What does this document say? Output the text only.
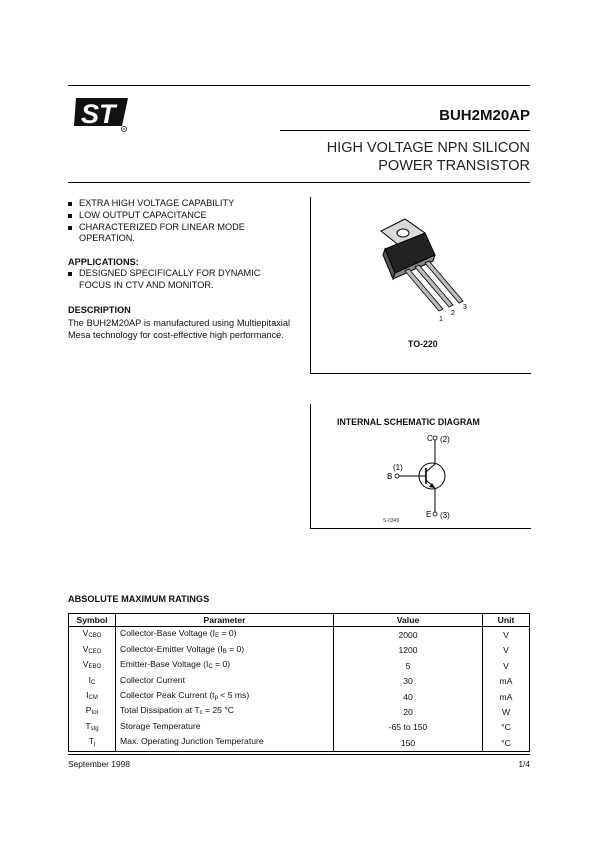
ST
R
BUH2M20AP
HIGH VOLTAGE NPN SILICON
POWER TRANSISTOR
EXTRA HIGH VOLTAGE CAPABILITY
LOW OUTPUT CAPACITANCE
CHARACTERIZED FOR LINEAR MODE OPERATION.
APPLICATIONS:
DESIGNED SPECIFICALLY FOR DYNAMIC FOCUS IN CTV AND MONITOR.
DESCRIPTION
The BUH2M20AP is manufactured using Multiepitaxial Mesa technology for cost-effective high performance.
1
2
3
TO-220
INTERNAL SCHEMATIC DIAGRAM
C (2)
B
(1)
E (3)
S-0349
ABSOLUTE MAXIMUM RATINGS
Symbol	Parameter	Value	Unit
$V_{CBO}$	Collector-Base Voltage $(I_E = 0)$	2000	V
$V_{CEO}$	Collector-Emitter Voltage $(I_B = 0)$	1200	V
$V_{EBO}$	Emitter-Base Voltage $(I_C = 0)$	5	V
$I_C$	Collector Current	30	mA
$I_{CM}$	Collector Peak Current ($t_p < 5$ ms)	40	mA
$P_{tot}$	Total Dissipation at $T_c = 25$ °C	20	W
$T_{stg}$	Storage Temperature	-65 to 150	°C
$T_j$	Max. Operating Junction Temperature	150	°C
September 1998	1/4
